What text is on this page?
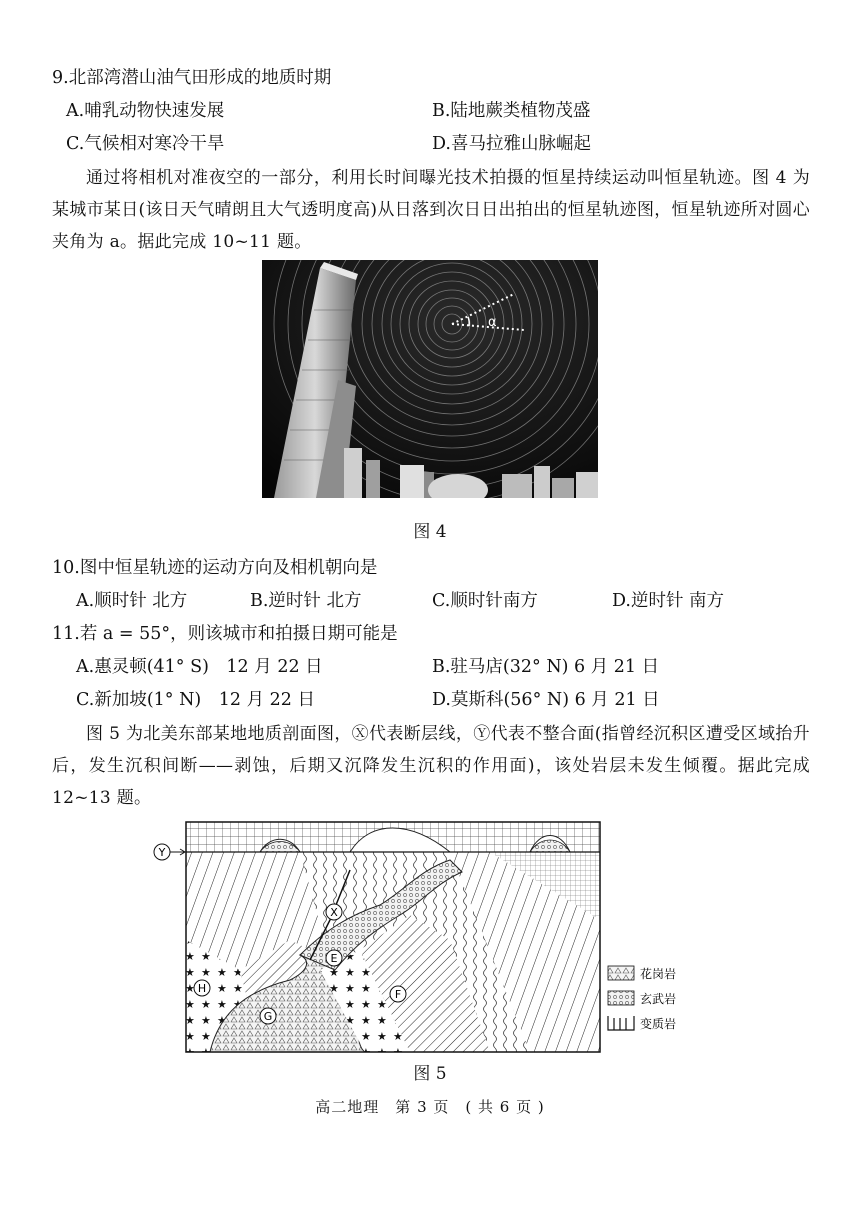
9.北部湾潜山油气田形成的地质时期
A.哺乳动物快速发展	B.陆地蕨类植物茂盛
C.气候相对寒冷干旱	D.喜马拉雅山脉崛起
通过将相机对准夜空的一部分，利用长时间曝光技术拍摄的恒星持续运动叫恒星轨迹。图 4 为某城市某日(该日天气晴朗且大气透明度高)从日落到次日日出拍出的恒星轨迹图，恒星轨迹所对圆心夹角为 a。据此完成 10~11 题。
α
图 4
10.图中恒星轨迹的运动方向及相机朝向是
A.顺时针 北方	B.逆时针 北方	C.顺时针南方	D.逆时针 南方
11.若 a = 55°，则该城市和拍摄日期可能是
A.惠灵顿(41° S)　12 月 22 日	B.驻马店(32° N) 6 月 21 日
C.新加坡(1° N)　12 月 22 日	D.莫斯科(56° N) 6 月 21 日
图 5 为北美东部某地地质剖面图，Ⓧ代表断层线，Ⓨ代表不整合面(指曾经沉积区遭受区域抬升后，发生沉积间断——剥蚀，后期又沉降发生沉积的作用面)，该处岩层未发生倾覆。据此完成 12~13 题。
Y
X
E
F
G
H
花岗岩
玄武岩
变质岩
图 5
高二地理　第 3 页　( 共 6 页 )
